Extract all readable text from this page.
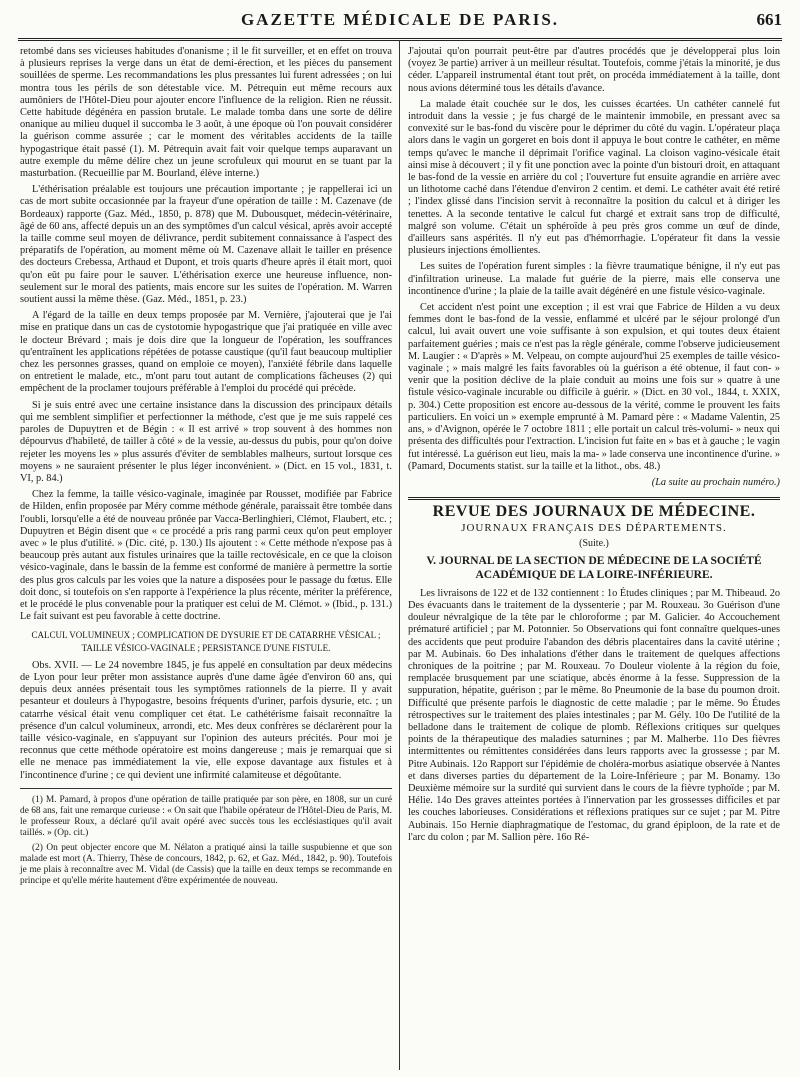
GAZETTE MÉDICALE DE PARIS.	661

retombé dans ses vicieuses habitudes d'onanisme ; il le fit surveiller, et en effet on trouva à plusieurs reprises la verge dans un état de demi-érection, et les pièces du pansement souillées de sperme. Les recommandations les plus pressantes lui furent adressées ; on lui montra tous les périls de son détestable vice. M. Pétrequin eut même recours aux aumôniers de l'Hôtel-Dieu pour ajouter encore l'influence de la religion. Rien ne réussit. Cette habitude dégénéra en passion brutale. Le malade tomba dans une sorte de délire onanique au milieu duquel il succomba le 3 août, à une époque où l'on pouvait considérer la guérison comme assurée ; car le moment des véritables accidents de la taille hypogastrique était passé (1). M. Pétrequin avait fait voir quelque temps auparavant un autre exemple du même délire chez un jeune scrofuleux qui mourut en se tuant par la masturbation. (Recueillie par M. Bourland, élève interne.)

L'éthérisation préalable est toujours une précaution importante ; je rappellerai ici un cas de mort subite occasionnée par la frayeur d'une opération de taille : M. Cazenave (de Bordeaux) rapporte (Gaz. Méd., 1850, p. 878) que M. Dubousquet, médecin-vétérinaire, âgé de 60 ans, affecté depuis un an des symptômes d'un calcul vésical, après avoir accepté la taille comme seul moyen de délivrance, perdit subitement connaissance à l'aspect des préparatifs de l'opération, au moment même où M. Cazenave allait le tailler en présence des docteurs Crebessa, Arthaud et Dupont, et trois quarts d'heure après il était mort, quoi qu'on eût pu faire pour le sauver. L'éthérisation exerce une heureuse influence, non-seulement sur le moral des patients, mais encore sur les suites de l'opération. M. Warren soutient aussi la même thèse. (Gaz. Méd., 1851, p. 23.)

A l'égard de la taille en deux temps proposée par M. Vernière, j'ajouterai que je l'ai mise en pratique dans un cas de cystotomie hypogastrique que j'ai pratiquée en ville avec le docteur Brévard ; mais je dois dire que la longueur de l'opération, les souffrances qu'entraînent les applications répétées de potasse caustique (qu'il faut beaucoup multiplier chez les personnes grasses, quand on emploie ce moyen), l'anxiété fébrile dans laquelle on entretient le malade, etc., m'ont paru tout autant de complications fâcheuses (2) qui empêchent de la proclamer toujours préférable à l'emploi du procédé qui précède.

Si je suis entré avec une certaine insistance dans la discussion des principaux détails qui me semblent simplifier et perfectionner la méthode, c'est que je me suis rappelé ces paroles de Dupuytren et de Bégin : « Il est arrivé » trop souvent à des hommes non dépourvus d'habileté, de tailler à côté » de la vessie, au-dessus du pubis, pour qu'on doive rejeter les moyens les » plus assurés d'éviter de semblables malheurs, surtout lorsque ces moyens » ne sauraient présenter le plus léger inconvénient. » (Dict. en 15 vol., 1831, t. VI, p. 84.)

Chez la femme, la taille vésico-vaginale, imaginée par Rousset, modifiée par Fabrice de Hilden, enfin proposée par Méry comme méthode générale, paraissait être tombée dans l'oubli, lorsqu'elle a été de nouveau prônée par Vacca-Berlinghieri, Clémot, Flaubert, etc. ; Dupuytren et Bégin disent que « ce procédé a pris rang parmi ceux qu'on peut employer avec » le plus d'utilité. » (Dic. cité, p. 130.) Ils ajoutent : « Cette méthode n'expose pas à beaucoup près autant aux fistules urinaires que la taille rectovésicale, en ce que la cloison vésico-vaginale, dans le bassin de la femme est conformé de manière à permettre la sortie des plus gros calculs par les voies que la nature a disposées pour le passage du fœtus. Elle doit donc, si toutefois on s'en rapporte à l'expérience la plus récente, mériter la préférence, et le procédé le plus convenable pour la pratiquer est celui de M. Clémot. » (Ibid., p. 131.) Le fait suivant est peu favorable à cette doctrine.

CALCUL VOLUMINEUX ; COMPLICATION DE DYSURIE ET DE CATARRHE VÉSICAL ; TAILLE VÉSICO-VAGINALE ; PERSISTANCE D'UNE FISTULE.

Obs. XVII. — Le 24 novembre 1845, je fus appelé en consultation par deux médecins de Lyon pour leur prêter mon assistance auprès d'une dame âgée d'environ 60 ans, qui depuis deux années présentait tous les symptômes rationnels de la pierre. Il y avait pesanteur et douleurs à l'hypogastre, besoins fréquents d'uriner, parfois dysurie, etc. ; un catarrhe vésical était venu compliquer cet état. Le cathétérisme faisait reconnaître la présence d'un calcul volumineux, arrondi, etc. Mes deux confrères se déclarèrent pour la taille vésico-vaginale, en s'appuyant sur l'opinion des auteurs précités. Pour moi je reconnus que cette méthode opératoire est moins dangereuse ; mais je remarquai que si elle ne menace pas immédiatement la vie, elle expose davantage aux fistules et à l'incontinence d'urine ; ce qui devient une infirmité calamiteuse et dégoûtante.

(1) M. Pamard, à propos d'une opération de taille pratiquée par son père, en 1808, sur un curé de 68 ans, fait une remarque curieuse : « On sait que l'habile opérateur de l'Hôtel-Dieu de Paris, M. le professeur Roux, a déclaré qu'il avait opéré avec succès tous les ecclésiastiques qu'il avait taillés. » (Op. cit.)

(2) On peut objecter encore que M. Nélaton a pratiqué ainsi la taille suspubienne et que son malade est mort (A. Thierry, Thèse de concours, 1842, p. 62, et Gaz. Méd., 1842, p. 90). Toutefois je me plais à reconnaître avec M. Vidal (de Cassis) que la taille en deux temps se recommande en principe et qu'elle mérite hautement d'être expérimentée de nouveau.

J'ajoutai qu'on pourrait peut-être par d'autres procédés que je développerai plus loin (voyez 3e partie) arriver à un meilleur résultat. Toutefois, comme j'étais la minorité, je dus céder. L'appareil instrumental étant tout prêt, on procéda immédiatement à la taille, dont nous avions déterminé tous les détails d'avance.

La malade était couchée sur le dos, les cuisses écartées. Un cathéter cannelé fut introduit dans la vessie ; je fus chargé de le maintenir immobile, en pressant avec sa convexité sur le bas-fond du viscère pour le déprimer du côté du vagin. L'opérateur plaça alors dans le vagin un gorgeret en bois dont il appuya le bout contre le cathéter, en même temps qu'avec le manche il déprimait l'orifice vaginal. La cloison vagino-vésicale était ainsi mise à découvert ; il y fit une ponction avec la pointe d'un bistouri droit, en attaquant le bas-fond de la vessie en arrière du col ; l'ouverture fut ensuite agrandie en arrière avec un lithotome caché dans l'étendue d'environ 2 centim. et demi. Le cathéter avait été retiré ; l'index glissé dans l'incision servit à reconnaître la position du calcul et à diriger les tenettes. A la seconde tentative le calcul fut chargé et extrait sans trop de difficulté, malgré son volume. C'était un sphéroïde à peu près gros comme un œuf de dinde, d'ailleurs sans aspérités. Il n'y eut pas d'hémorrhagie. L'opérateur fit dans la vessie plusieurs injections émollientes.

Les suites de l'opération furent simples : la fièvre traumatique bénigne, il n'y eut pas d'infiltration urineuse. La malade fut guérie de la pierre, mais elle conserva une incontinence d'urine ; la plaie de la taille avait dégénéré en une fistule vésico-vaginale.

Cet accident n'est point une exception ; il est vrai que Fabrice de Hilden a vu deux femmes dont le bas-fond de la vessie, enflammé et ulcéré par le séjour prolongé d'un calcul, lui avait ouvert une voie suffisante à son expulsion, et qui toutes deux étaient parfaitement guéries ; mais ce n'est pas la règle générale, comme l'observe judicieusement M. Laugier : « D'après » M. Velpeau, on compte aujourd'hui 25 exemples de taille vésico-vaginale ; » mais malgré les faits favorables où la guérison a été obtenue, il faut con- » venir que la position déclive de la plaie conduit au moins une fois sur » quatre à une fistule vésico-vaginale incurable ou difficile à guérir. » (Dict. en 30 vol., 1844, t. XXIX, p. 304.) Cette proposition est encore au-dessous de la vérité, comme le prouvent les faits particuliers. En voici un » exemple emprunté à M. Pamard père : « Madame Valentin, 25 ans, » d'Avignon, opérée le 7 octobre 1811 ; elle portait un calcul très-volumi- » neux qui présenta des difficultés pour l'extraction. L'incision fut faite en » bas et à gauche ; le vagin fut intéressé. La guérison eut lieu, mais la ma- » lade conserva une incontinence d'urine. » (Pamard, Documents statist. sur la taille et la lithot., obs. 48.)

(La suite au prochain numéro.)

REVUE DES JOURNAUX DE MÉDECINE.

JOURNAUX FRANÇAIS DES DÉPARTEMENTS.

(Suite.)

V. JOURNAL DE LA SECTION DE MÉDECINE DE LA SOCIÉTÉ ACADÉMIQUE DE LA LOIRE-INFÉRIEURE.

Les livraisons de 122 et de 132 contiennent : 1o Études cliniques ; par M. Thibeaud. 2o Des évacuants dans le traitement de la dyssenterie ; par M. Rouxeau. 3o Guérison d'une douleur névralgique de la tête par le chloroforme ; par M. Galicier. 4o Accouchement prématuré artificiel ; par M. Potonnier. 5o Observations qui font connaître quelques-unes des accidents que peut produire l'abandon des débris placentaires dans la cavité utérine ; par M. Aubinais. 6o Des inhalations d'éther dans le traitement de quelques affections chroniques de la poitrine ; par M. Rouxeau. 7o Douleur violente à la région du foie, remplacée brusquement par une sciatique, abcès énorme à la fesse. Suppression de la suppuration, hépatite, guérison ; par le même. 8o Pneumonie de la base du poumon droit. Difficulté que présente parfois le diagnostic de cette maladie ; par le même. 9o Études rétrospectives sur le traitement des plaies intestinales ; par M. Gély. 10o De l'utilité de la belladone dans le traitement de colique de plomb. Réflexions critiques sur quelques points de la thérapeutique des maladies saturnines ; par M. Malherbe. 11o Des fièvres intermittentes ou rémittentes considérées dans leurs rapports avec la grossesse ; par M. Pitre Aubinais. 12o Rapport sur l'épidémie de choléra-morbus asiatique observée à Nantes et dans diverses parties du département de la Loire-Inférieure ; par M. Bonamy. 13o Deuxième mémoire sur la surdité qui survient dans le cours de la fièvre typhoïde ; par M. Hélie. 14o Des graves atteintes portées à l'innervation par les grossesses difficiles et par les couches laborieuses. Considérations et réflexions pratiques sur ce sujet ; par M. Pitre Aubinais. 15o Hernie diaphragmatique de l'estomac, du grand épiploon, de la rate et de l'arc du colon ; par M. Sallion père. 16o Ré-
